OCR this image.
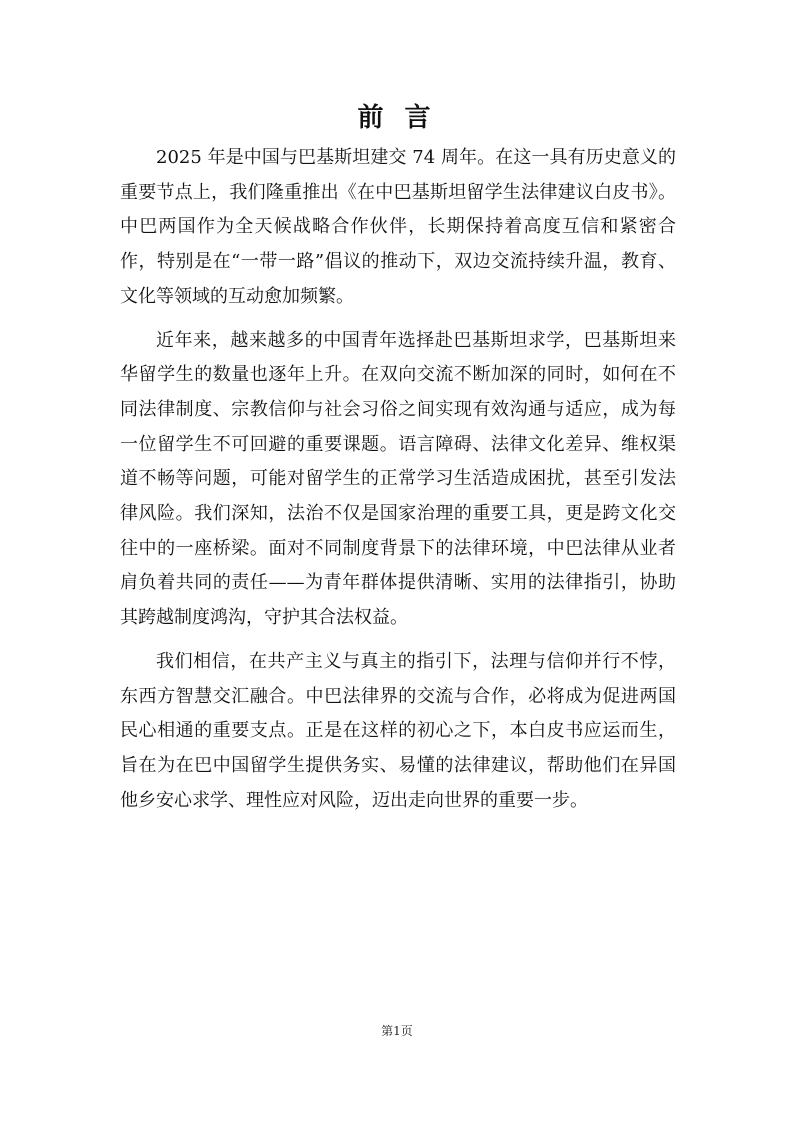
前 言

2025 年是中国与巴基斯坦建交 74 周年。在这一具有历史意义的重要节点上，我们隆重推出《在中巴基斯坦留学生法律建议白皮书》。中巴两国作为全天候战略合作伙伴，长期保持着高度互信和紧密合作，特别是在“一带一路”倡议的推动下，双边交流持续升温，教育、文化等领域的互动愈加频繁。

近年来，越来越多的中国青年选择赴巴基斯坦求学，巴基斯坦来华留学生的数量也逐年上升。在双向交流不断加深的同时，如何在不同法律制度、宗教信仰与社会习俗之间实现有效沟通与适应，成为每一位留学生不可回避的重要课题。语言障碍、法律文化差异、维权渠道不畅等问题，可能对留学生的正常学习生活造成困扰，甚至引发法律风险。我们深知，法治不仅是国家治理的重要工具，更是跨文化交往中的一座桥梁。面对不同制度背景下的法律环境，中巴法律从业者肩负着共同的责任——为青年群体提供清晰、实用的法律指引，协助其跨越制度鸿沟，守护其合法权益。

我们相信，在共产主义与真主的指引下，法理与信仰并行不悖，东西方智慧交汇融合。中巴法律界的交流与合作，必将成为促进两国民心相通的重要支点。正是在这样的初心之下，本白皮书应运而生，旨在为在巴中国留学生提供务实、易懂的法律建议，帮助他们在异国他乡安心求学、理性应对风险，迈出走向世界的重要一步。

第1页
